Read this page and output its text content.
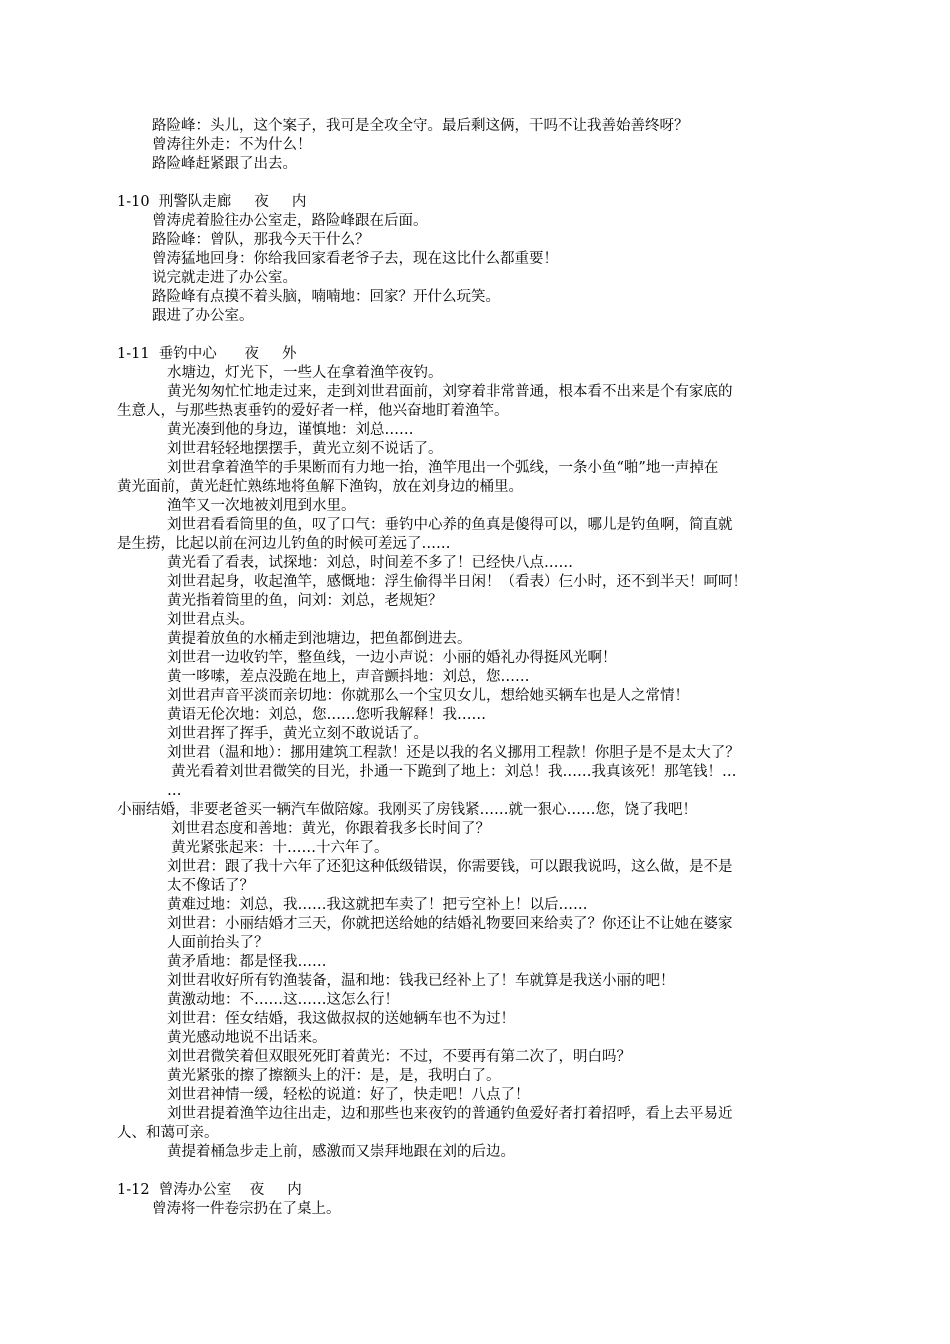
路险峰：头儿，这个案子，我可是全攻全守。最后剩这俩，干吗不让我善始善终呀？
曾涛往外走：不为什么！
路险峰赶紧跟了出去。
1-10  刑警队走廊     夜     内
曾涛虎着脸往办公室走，路险峰跟在后面。
路险峰：曾队，那我今天干什么？
曾涛猛地回身：你给我回家看老爷子去，现在这比什么都重要！
说完就走进了办公室。
路险峰有点摸不着头脑，喃喃地：回家？开什么玩笑。
跟进了办公室。
1-11  垂钓中心      夜     外
水塘边，灯光下，一些人在拿着渔竿夜钓。
黄光匆匆忙忙地走过来，走到刘世君面前，刘穿着非常普通，根本看不出来是个有家底的
生意人，与那些热衷垂钓的爱好者一样，他兴奋地盯着渔竿。
黄光凑到他的身边，谨慎地：刘总……
刘世君轻轻地摆摆手，黄光立刻不说话了。
刘世君拿着渔竿的手果断而有力地一抬，渔竿甩出一个弧线，一条小鱼“啪”地一声掉在
黄光面前，黄光赶忙熟练地将鱼解下渔钩，放在刘身边的桶里。
渔竿又一次地被刘甩到水里。
刘世君看看筒里的鱼，叹了口气：垂钓中心养的鱼真是傻得可以，哪儿是钓鱼啊，简直就
是生捞，比起以前在河边儿钓鱼的时候可差远了……
黄光看了看表，试探地：刘总，时间差不多了！已经快八点……
刘世君起身，收起渔竿，感慨地：浮生偷得半日闲！（看表）仨小时，还不到半天！呵呵！
黄光指着筒里的鱼，问刘：刘总，老规矩？
刘世君点头。
黄提着放鱼的水桶走到池塘边，把鱼都倒进去。
刘世君一边收钓竿，整鱼线，一边小声说：小丽的婚礼办得挺风光啊！
黄一哆嗦，差点没跪在地上，声音颤抖地：刘总，您……
刘世君声音平淡而亲切地：你就那么一个宝贝女儿，想给她买辆车也是人之常情！
黄语无伦次地：刘总，您……您听我解释！我……
刘世君挥了挥手，黄光立刻不敢说话了。
刘世君（温和地）：挪用建筑工程款！还是以我的名义挪用工程款！你胆子是不是太大了？
黄光看着刘世君微笑的目光，扑通一下跪到了地上：刘总！我……我真该死！那笔钱！…
…
小丽结婚，非要老爸买一辆汽车做陪嫁。我刚买了房钱紧……就一狠心……您，饶了我吧！
刘世君态度和善地：黄光，你跟着我多长时间了？
黄光紧张起来：十……十六年了。
刘世君：跟了我十六年了还犯这种低级错误，你需要钱，可以跟我说吗，这么做，是不是
太不像话了？
黄难过地：刘总，我……我这就把车卖了！把亏空补上！以后……
刘世君：小丽结婚才三天，你就把送给她的结婚礼物要回来给卖了？你还让不让她在婆家
人面前抬头了？
黄矛盾地：都是怪我……
刘世君收好所有钓渔装备，温和地：钱我已经补上了！车就算是我送小丽的吧！
黄激动地：不……这……这怎么行！
刘世君：侄女结婚，我这做叔叔的送她辆车也不为过！
黄光感动地说不出话来。
刘世君微笑着但双眼死死盯着黄光：不过，不要再有第二次了，明白吗？
黄光紧张的擦了擦额头上的汗：是，是，我明白了。
刘世君神情一缓，轻松的说道：好了，快走吧！八点了！
刘世君提着渔竿边往出走，边和那些也来夜钓的普通钓鱼爱好者打着招呼，看上去平易近
人、和蔼可亲。
黄提着桶急步走上前，感激而又崇拜地跟在刘的后边。
1-12  曾涛办公室    夜     内
曾涛将一件卷宗扔在了桌上。
